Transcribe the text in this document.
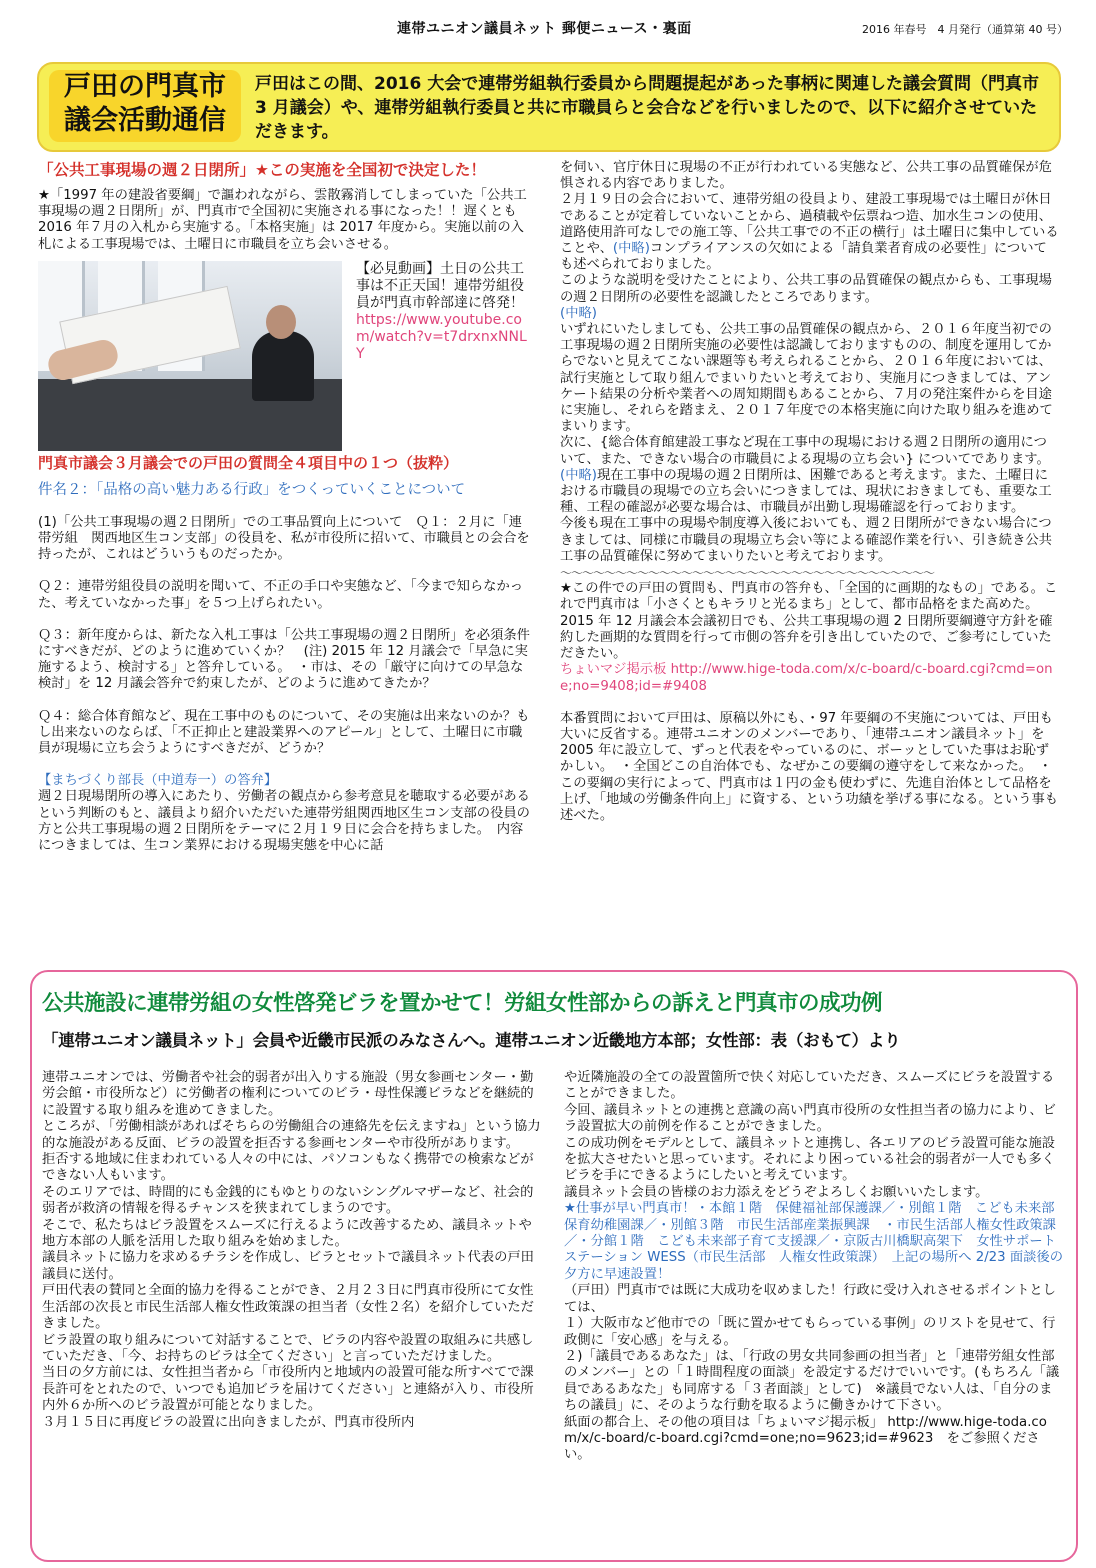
連帯ユニオン議員ネット 郵便ニュース・裏面	2016 年春号　4 月発行（通算第 40 号）
戸田の門真市
議会活動通信
戸田はこの間、2016 大会で連帯労組執行委員から問題提起があった事柄に関連した議会質問（門真市 3 月議会）や、連帯労組執行委員と共に市職員らと会合などを行いましたので、以下に紹介させていただきます。
「公共工事現場の週２日閉所」★この実施を全国初で決定した！

★「1997 年の建設省要綱」で謳われながら、雲散霧消してしまっていた「公共工事現場の週２日閉所」が、門真市で全国初に実施される事になった！！遅くとも 2016 年７月の入札から実施する。「本格実施」は 2017 年度から。実施以前の入札による工事現場では、土曜日に市職員を立ち会いさせる。

【必見動画】土日の公共工事は不正天国！連帯労組役員が門真市幹部達に啓発！
https://www.youtube.com/watch?v=t7drxnxNNLY
門真市議会３月議会での戸田の質問全４項目中の１つ（抜粋）
件名２：「品格の高い魅力ある行政」をつくっていくことについて

(1)「公共工事現場の週２日閉所」での工事品質向上について　Ｑ１：２月に「連帯労組　関西地区生コン支部」の役員を、私が市役所に招いて、市職員との会合を持ったが、これはどういうものだったか。

Ｑ２：連帯労組役員の説明を聞いて、不正の手口や実態など、「今まで知らなかった、考えていなかった事」を５つ上げられたい。

Ｑ３：新年度からは、新たな入札工事は「公共工事現場の週２日閉所」を必須条件にすべきだが、どのように進めていくか？　(注) 2015 年 12 月議会で「早急に実施するよう、検討する」と答弁している。　・市は、その「厳守に向けての早急な検討」を 12 月議会答弁で約束したが、どのように進めてきたか？

Ｑ４：総合体育館など、現在工事中のものについて、その実施は出来ないのか？もし出来ないのならば、「不正抑止と建設業界へのアピール」として、土曜日に市職員が現場に立ち会うようにすべきだが、どうか？

【まちづくり部長（中道寿一）の答弁】

週２日現場閉所の導入にあたり、労働者の観点から参考意見を聴取する必要があるという判断のもと、議員より紹介いただいた連帯労組関西地区生コン支部の役員の方と公共工事現場の週２日閉所をテーマに２月１９日に会合を持ちました。　内容につきましては、生コン業界における現場実態を中心に話

を伺い、官庁休日に現場の不正が行われている実態など、公共工事の品質確保が危惧される内容でありました。

２月１９日の会合において、連帯労組の役員より、建設工事現場では土曜日が休日であることが定着していないことから、過積載や伝票ねつ造、加水生コンの使用、道路使用許可なしでの施工等、「公共工事での不正の横行」は土曜日に集中していることや、(中略)コンプライアンスの欠如による「請負業者育成の必要性」についても述べられておりました。

このような説明を受けたことにより、公共工事の品質確保の観点からも、工事現場の週２日閉所の必要性を認識したところであります。

(中略)

いずれにいたしましても、公共工事の品質確保の観点から、２０１６年度当初での工事現場の週２日閉所実施の必要性は認識しておりますものの、制度を運用してからでないと見えてこない課題等も考えられることから、２０１６年度においては、試行実施として取り組んでまいりたいと考えており、実施月につきましては、アンケート結果の分析や業者への周知期間もあることから、７月の発注案件からを目途に実施し、それらを踏まえ、２０１７年度での本格実施に向けた取り組みを進めてまいります。

次に、{総合体育館建設工事など現在工事中の現場における週２日閉所の適用について、また、できない場合の市職員による現場の立ち会い} についてであります。

(中略)現在工事中の現場の週２日閉所は、困難であると考えます。また、土曜日における市職員の現場での立ち会いにつきましては、現状におきましても、重要な工種、工程の確認が必要な場合は、市職員が出勤し現場確認を行っております。

今後も現在工事中の現場や制度導入後においても、週２日閉所ができない場合につきましては、同様に市職員の現場立ち会い等による確認作業を行い、引き続き公共工事の品質確保に努めてまいりたいと考えております。

～～～～～～～～～～～～～～～～～～～～～～～～～～～～～～～～～～

★この件での戸田の質問も、門真市の答弁も、「全国的に画期的なもの」である。これで門真市は「小さくともキラリと光るまち」として、都市品格をまた高めた。

2015 年 12 月議会本会議初日でも、公共工事現場の週 2 日閉所要綱遵守方針を確約した画期的な質問を行って市側の答弁を引き出していたので、ご参考にしていただきたい。

ちょいマジ掲示板 http://www.hige-toda.com/x/c-board/c-board.cgi?cmd=one;no=9408;id=#9408

本番質問において戸田は、原稿以外にも、・97 年要綱の不実施については、戸田も大いに反省する。連帯ユニオンのメンバーであり、「連帯ユニオン議員ネット」を 2005 年に設立して、ずっと代表をやっているのに、ボーッとしていた事はお恥ずかしい。　・全国どこの自治体でも、なぜかこの要綱の遵守をして来なかった。　・この要綱の実行によって、門真市は１円の金も使わずに、先進自治体として品格を上げ、「地域の労働条件向上」に資する、という功績を挙げる事になる。という事も述べた。

公共施設に連帯労組の女性啓発ビラを置かせて！労組女性部からの訴えと門真市の成功例
「連帯ユニオン議員ネット」会員や近畿市民派のみなさんへ。連帯ユニオン近畿地方本部；女性部：表（おもて）より

連帯ユニオンでは、労働者や社会的弱者が出入りする施設（男女参画センター・勤労会館・市役所など）に労働者の権利についてのビラ・母性保護ビラなどを継続的に設置する取り組みを進めてきました。

ところが、「労働相談があればそちらの労働組合の連絡先を伝えますね」という協力的な施設がある反面、ビラの設置を拒否する参画センターや市役所があります。

拒否する地域に住まわれている人々の中には、パソコンもなく携帯での検索などができない人もいます。

そのエリアでは、時間的にも金銭的にもゆとりのないシングルマザーなど、社会的弱者が救済の情報を得るチャンスを狭まれてしまうのです。

そこで、私たちはビラ設置をスムーズに行えるように改善するため、議員ネットや地方本部の人脈を活用した取り組みを始めました。

議員ネットに協力を求めるチラシを作成し、ビラとセットで議員ネット代表の戸田議員に送付。

戸田代表の賛同と全面的協力を得ることができ、２月２３日に門真市役所にて女性生活部の次長と市民生活部人権女性政策課の担当者（女性２名）を紹介していただきました。

ビラ設置の取り組みについて対話することで、ビラの内容や設置の取組みに共感していただき、「今、お持ちのビラは全てください」と言っていただけました。

当日の夕方前には、女性担当者から「市役所内と地域内の設置可能な所すべてで課長許可をとれたので、いつでも追加ビラを届けてください」と連絡が入り、市役所内外６か所へのビラ設置が可能となりました。

３月１５日に再度ビラの設置に出向きましたが、門真市役所内

や近隣施設の全ての設置箇所で快く対応していただき、スムーズにビラを設置することができました。

今回、議員ネットとの連携と意識の高い門真市役所の女性担当者の協力により、ビラ設置拡大の前例を作ることができました。

この成功例をモデルとして、議員ネットと連携し、各エリアのビラ設置可能な施設を拡大させたいと思っています。それにより困っている社会的弱者が一人でも多くビラを手にできるようにしたいと考えています。

議員ネット会員の皆様のお力添えをどうぞよろしくお願いいたします。

★仕事が早い門真市！・本館１階　保健福祉部保護課／・別館１階　こども未来部保育幼稚園課／・別館３階　市民生活部産業振興課　・市民生活部人権女性政策課／・分館１階　こども未来部子育て支援課／・京阪古川橋駅高架下　女性サポートステーション WESS（市民生活部　人権女性政策課）　上記の場所へ 2/23 面談後の夕方に早速設置！

（戸田）門真市では既に大成功を収めました！行政に受け入れさせるポイントとしては、

１）大阪市など他市での「既に置かせてもらっている事例」のリストを見せて、行政側に「安心感」を与える。

２)「議員であるあなた」は、「行政の男女共同参画の担当者」と「連帯労組女性部のメンバー」との「１時間程度の面談」を設定するだけでいいです。(もちろん「議員であるあなた」も同席する「３者面談」として)　※議員でない人は、「自分のまちの議員」に、そのような行動を取るように働きかけて下さい。

紙面の都合上、その他の項目は「ちょいマジ掲示板」 http://www.hige-toda.com/x/c-board/c-board.cgi?cmd=one;no=9623;id=#9623　をご参照ください。
